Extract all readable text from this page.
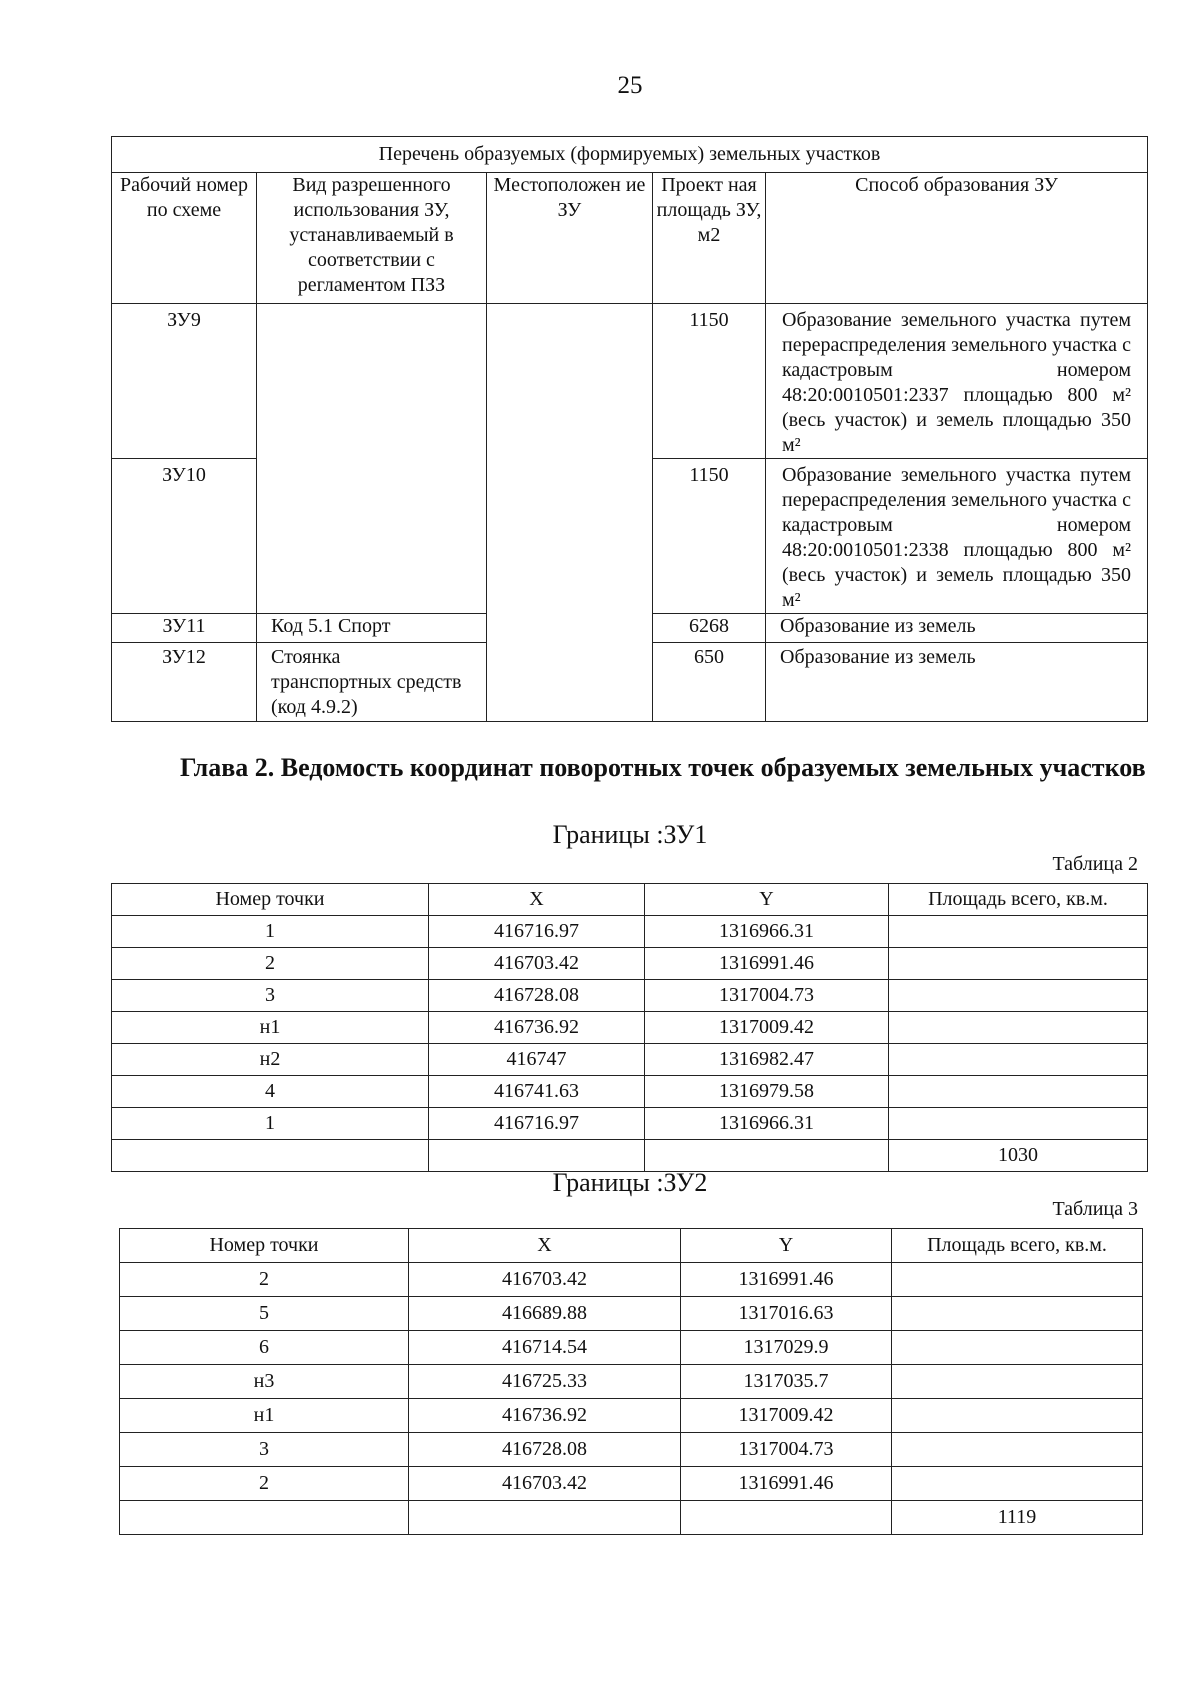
25
Перечень образуемых (формируемых) земельных участков				
Рабочий номер по схеме	Вид разрешенного использования ЗУ, устанавливаемый в соответствии с регламентом ПЗЗ	Местоположен ие ЗУ	Проект ная площадь ЗУ, м2	Способ образования ЗУ
ЗУ9			1150	Образование земельного участка путем перераспределения земельного участка с кадастровым номером 48:20:0010501:2337 площадью 800 м² (весь участок) и земель площадью 350 м²
ЗУ10			1150	Образование земельного участка путем перераспределения земельного участка с кадастровым номером 48:20:0010501:2338 площадью 800 м² (весь участок) и земель площадью 350 м²
ЗУ11	Код 5.1 Спорт		6268	Образование из земель
ЗУ12	Стоянка транспортных средств (код 4.9.2)		650	Образование из земель
Глава 2. Ведомость координат поворотных точек образуемых земельных участков
Границы :ЗУ1
Таблица 2
Номер точки	X	Y	Площадь всего, кв.м.
1	416716.97	1316966.31	
2	416703.42	1316991.46	
3	416728.08	1317004.73	
н1	416736.92	1317009.42	
н2	416747	1316982.47	
4	416741.63	1316979.58	
1	416716.97	1316966.31	
			1030
Границы :ЗУ2
Таблица 3
Номер точки	X	Y	Площадь всего, кв.м.
2	416703.42	1316991.46	
5	416689.88	1317016.63	
6	416714.54	1317029.9	
н3	416725.33	1317035.7	
н1	416736.92	1317009.42	
3	416728.08	1317004.73	
2	416703.42	1316991.46	
			1119
